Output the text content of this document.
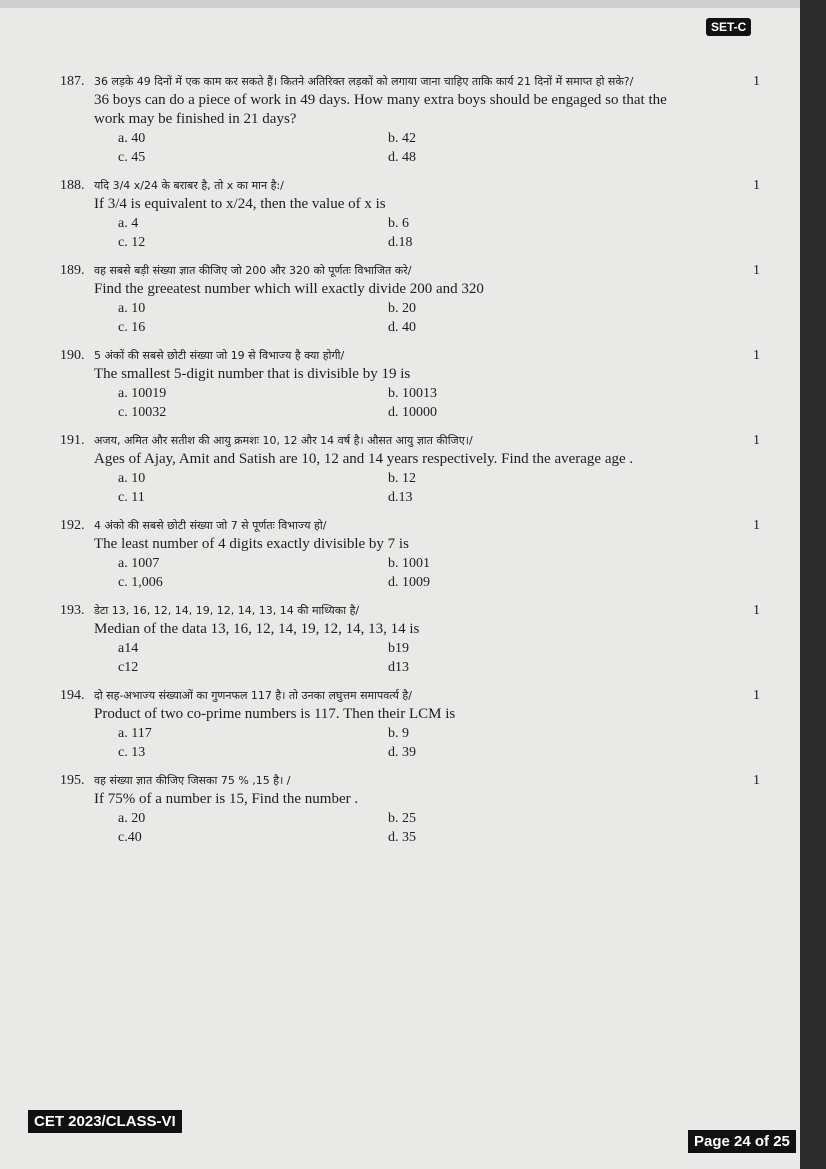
SET-C
187. 36 लड़के 49 दिनों में एक काम कर सकते हैं। कितने अतिरिक्त लड़कों को लगाया जाना चाहिए ताकि कार्य 21 दिनों में समाप्त हो सके?/
36 boys can do a piece of work in 49 days. How many extra boys should be engaged so that the work may be finished in 21 days?
a. 40	b. 42
c. 45	d. 48
1
188. यदि 3/4 x/24 के बराबर है, तो x का मान है:/
If 3/4 is equivalent to x/24, then the value of x is
a. 4	b. 6
c. 12	d.18
1
189. वह सबसे बड़ी संख्या ज्ञात कीजिए जो 200 और 320 को पूर्णतः विभाजित करे/
Find the greeatest number which will exactly divide 200 and 320
a. 10	b. 20
c. 16	d. 40
1
190. 5 अंकों की सबसे छोटी संख्या जो 19 से विभाज्य है क्या होगी/
The smallest 5-digit number that is divisible by 19 is
a. 10019	b. 10013
c. 10032	d. 10000
1
191. अजय, अमित और सतीश की आयु क्रमशः 10, 12 और 14 वर्ष है। औसत आयु ज्ञात कीजिए।/
Ages of Ajay, Amit and Satish are 10, 12 and 14 years respectively. Find the average age .
a. 10	b. 12
c. 11	d.13
1
192. 4 अंको की सबसे छोटी संख्या जो 7 से पूर्णतः विभाज्य हो/
The least number of 4 digits exactly divisible by 7 is
a. 1007	b. 1001
c. 1,006	d. 1009
1
193. डेटा 13, 16, 12, 14, 19, 12, 14, 13, 14 की माध्यिका है/
Median of the data 13, 16, 12, 14, 19, 12, 14, 13, 14 is
a14	b19
c12	d13
1
194. दो सह-अभाज्य संख्याओं का गुणनफल 117 है। तो उनका लघुत्तम समापवर्त्य है/
Product of two co-prime numbers is 117. Then their LCM is
a. 117	b. 9
c. 13	d. 39
1
195. वह संख्या ज्ञात कीजिए जिसका 75 % ,15 है। /
If 75% of a number is 15, Find the number .
a. 20	b. 25
c.40	d. 35
1
CET 2023/CLASS-VI
Page 24 of 25
